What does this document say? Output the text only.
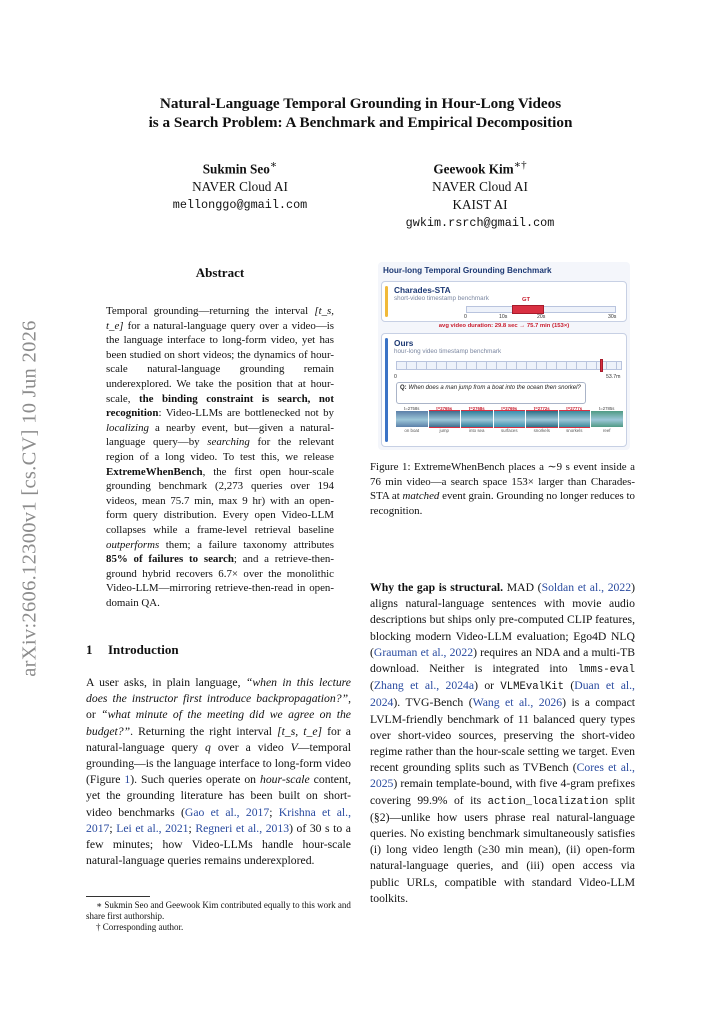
arXiv:2606.12300v1 [cs.CV] 10 Jun 2026
Natural-Language Temporal Grounding in Hour-Long Videos
is a Search Problem: A Benchmark and Empirical Decomposition
Sukmin Seo∗
NAVER Cloud AI
mellonggo@gmail.com
Geewook Kim∗†
NAVER Cloud AI
KAIST AI
gwkim.rsrch@gmail.com
Abstract
Temporal grounding—returning the interval [t_s, t_e] for a natural-language query over a video—is the language interface to long-form video, yet has been studied on short videos; the dynamics of hour-scale natural-language grounding remain underexplored. We take the position that at hour-scale, the binding constraint is search, not recognition: Video-LLMs are bottlenecked not by localizing a nearby event, but—given a natural-language query—by searching for the relevant region of a long video. To test this, we release ExtremeWhenBench, the first open hour-scale grounding benchmark (2,273 queries over 194 videos, mean 75.7 min, max 9 hr) with an open-form query distribution. Every open Video-LLM collapses while a frame-level retrieval baseline outperforms them; a failure taxonomy attributes 85% of failures to search; and a retrieve-then-ground hybrid recovers 6.7× over the monolithic Video-LLM—mirroring retrieve-then-read in open-domain QA.
1 Introduction
A user asks, in plain language, “when in this lecture does the instructor first introduce backpropagation?”, or “what minute of the meeting did we agree on the budget?”. Returning the right interval [t_s, t_e] for a natural-language query q over a video V—temporal grounding—is the language interface to long-form video (Figure 1). Such queries operate on hour-scale content, yet the grounding literature has been built on short-video benchmarks (Gao et al., 2017; Krishna et al., 2017; Lei et al., 2021; Regneri et al., 2013) of 30 s to a few minutes; how Video-LLMs handle hour-scale natural-language queries remains underexplored.

∗ Sukmin Seo and Geewook Kim contributed equally to this work and share first authorship.

† Corresponding author.

Hour-long Temporal Grounding Benchmark
Charades-STA
short-video timestamp benchmark	GT
0	10s	20s	30s
avg video duration: 29.8 sec → 75.7 min (153×)
Ours
hour-long video timestamp benchmark
0	53.7m
Q: When does a man jump from a boat into the ocean then snorkel?
t=2758s
on boat
t=2765s
jump
t=2768s
into sea
t=2769s
surfaces
t=2772s
snorkels
t=2777s
snorkels
t=2785s
reef
Figure 1: ExtremeWhenBench places a ∼9 s event inside a 76 min video—a search space 153× larger than Charades-STA at matched event grain. Grounding no longer reduces to recognition.
Why the gap is structural. MAD (Soldan et al., 2022) aligns natural-language sentences with movie audio descriptions but ships only pre-computed CLIP features, blocking modern Video-LLM evaluation; Ego4D NLQ (Grauman et al., 2022) requires an NDA and a multi-TB download. Neither is integrated into lmms-eval (Zhang et al., 2024a) or VLMEvalKit (Duan et al., 2024). TVG-Bench (Wang et al., 2026) is a compact LVLM-friendly benchmark of 11 balanced query types over short-video sources, preserving the short-video regime rather than the hour-scale setting we target. Even recent grounding splits such as TVBench (Cores et al., 2025) remain template-bound, with five 4-gram prefixes covering 99.9% of its action_localization split (§2)—unlike how users phrase real natural-language queries. No existing benchmark simultaneously satisfies (i) long video length (≥30 min mean), (ii) open-form natural-language queries, and (iii) open access via public URLs, compatible with standard Video-LLM toolkits.
